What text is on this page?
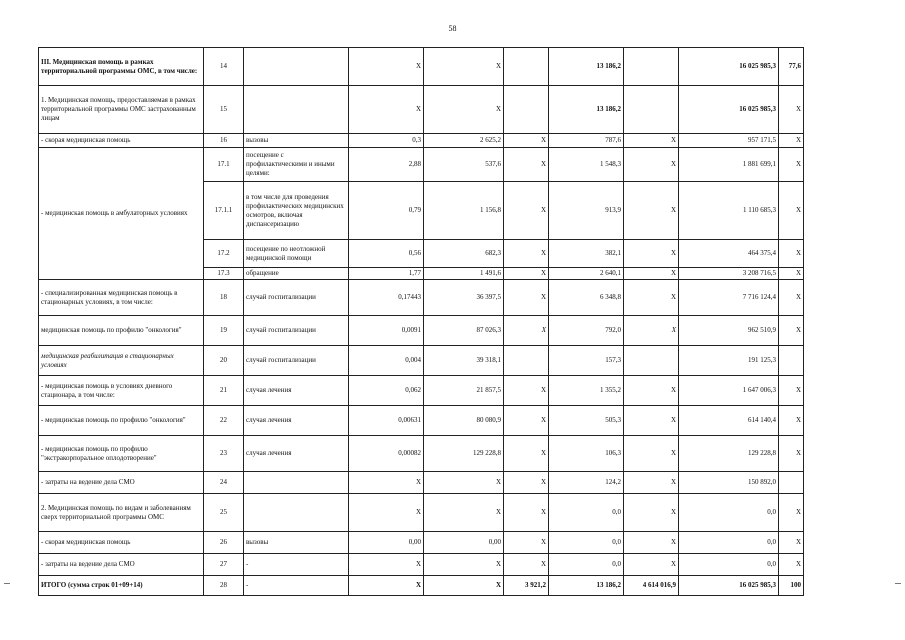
58
III. Медицинская помощь в рамках территориальной программы ОМС, в том числе:	14		X	X		13 186,2		16 025 985,3	77,6
1. Медицинская помощь, предоставляемая в рамках территориальной программы ОМС застрахованным лицам	15		X	X		13 186,2		16 025 985,3	X
- скорая медицинская помощь	16	вызовы	0,3	2 625,2	X	787,6	X	957 171,5	X
- медицинская помощь в амбулаторных условиях	17.1	посещение с профилактическими и иными целями:	2,88	537,6	X	1 548,3	X	1 881 699,1	X
	17.1.1	в том числе для проведения профилактических медицинских осмотров, включая диспансеризацию	0,79	1 156,8	X	913,9	X	1 110 685,3	X
	17.2	посещение по неотложной медицинской помощи	0,56	682,3	X	382,1	X	464 375,4	X
	17.3	обращение	1,77	1 491,6	X	2 640,1	X	3 208 716,5	X
- специализированная медицинская помощь в стационарных условиях, в том числе:	18	случай госпитализации	0,17443	36 397,5	X	6 348,8	X	7 716 124,4	X
медицинская помощь по профилю "онкология"	19	случай госпитализации	0,0091	87 026,3	X	792,0	X	962 510,9	X
медицинская реабилитация в стационарных условиях	20	случай госпитализации	0,004	39 318,1		157,3		191 125,3	
- медицинская помощь в условиях дневного стационара, в том числе:	21	случая лечения	0,062	21 857,5	X	1 355,2	X	1 647 006,3	X
- медицинская помощь по профилю "онкология"	22	случая лечения	0,00631	80 080,9	X	505,3	X	614 140,4	X
- медицинская помощь по профилю "экстракорпоральное оплодотворение"	23	случая лечения	0,00082	129 228,8	X	106,3	X	129 228,8	X
- затраты на ведение дела СМО	24		X	X	X	124,2	X	150 892,0	
2. Медицинская помощь по видам и заболеваниям сверх территориальной программы ОМС	25		X	X	X	0,0	X	0,0	X
- скорая медицинская помощь	26	вызовы	0,00	0,00	X	0,0	X	0,0	X
- затраты на ведение дела СМО	27	-	X	X	X	0,0	X	0,0	X
ИТОГО (сумма строк 01+09+14)	28	-	X	X	3 921,2	13 186,2	4 614 016,9	16 025 985,3	100
